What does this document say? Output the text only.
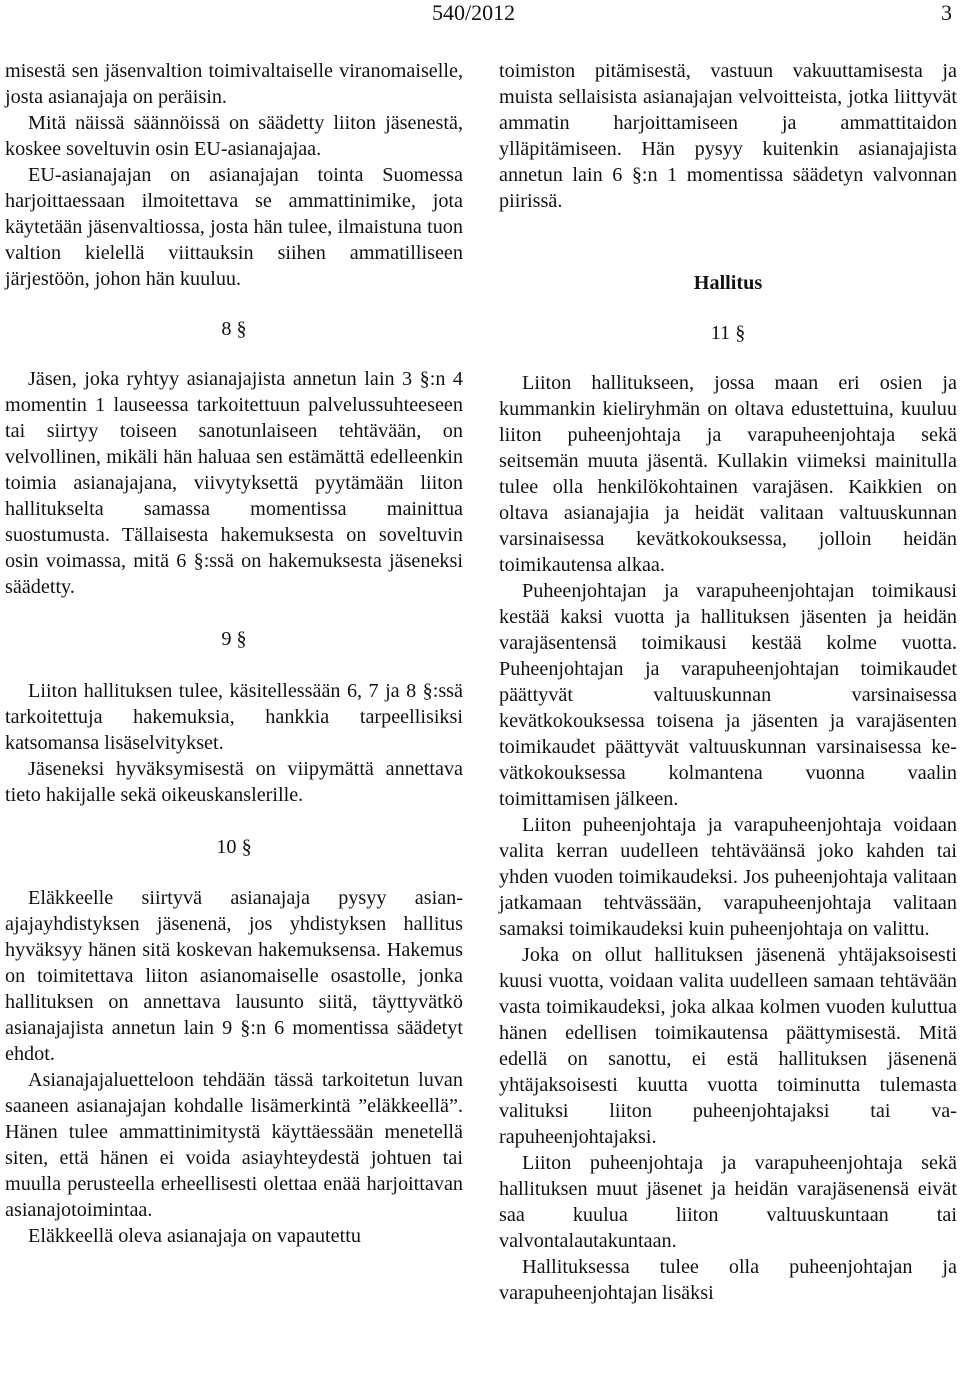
540/2012	3

misestä sen jäsenvaltion toimivaltaiselle viranomaiselle, josta asianajaja on peräisin.

Mitä näissä säännöissä on säädetty liiton jäsenestä, koskee soveltuvin osin EU-asianajajaa.

EU-asianajajan on asianajajan tointa Suomessa harjoittaessaan ilmoitettava se ammattinimike, jota käytetään jäsenvaltiossa, josta hän tulee, ilmaistuna tuon valtion kielellä viittauksin siihen ammatilliseen järjestöön, johon hän kuuluu.

8 §

Jäsen, joka ryhtyy asianajajista annetun lain 3 §:n 4 momentin 1 lauseessa tarkoitettuun palvelussuhteeseen tai siirtyy toiseen sanotunlaiseen tehtävään, on velvollinen, mikäli hän haluaa sen estämättä edelleenkin toimia asianajajana, viivytyksettä pyytämään liiton hallitukselta samassa momentissa mainittua suostumusta. Tällaisesta hakemuksesta on soveltuvin osin voimassa, mitä 6 §:ssä on hakemuksesta jäseneksi säädetty.

9 §

Liiton hallituksen tulee, käsitellessään 6, 7 ja 8 §:ssä tarkoitettuja hakemuksia, hankkia tarpeellisiksi katsomansa lisäselvitykset.

Jäseneksi hyväksymisestä on viipymättä annettava tieto hakijalle sekä oikeuskanslerille.

10 §

Eläkkeelle siirtyvä asianajaja pysyy asianajajayhdistyksen jäsenenä, jos yhdistyksen hallitus hyväksyy hänen sitä koskevan hakemuksensa. Hakemus on toimitettava liiton asianomaiselle osastolle, jonka hallituksen on annettava lausunto siitä, täyttyvätkö asianajajista annetun lain 9 §:n 6 momentissa säädetyt ehdot.

Asianajajaluetteloon tehdään tässä tarkoitetun luvan saaneen asianajajan kohdalle lisämerkintä ”eläkkeellä”. Hänen tulee ammattinimitystä käyttäessään menetellä siten, että hänen ei voida asiayhteydestä johtuen tai muulla perusteella erheellisesti olettaa enää harjoittavan asianajotoimintaa.

Eläkkeellä oleva asianajaja on vapautettu

toimiston pitämisestä, vastuun vakuuttamisesta ja muista sellaisista asianajajan velvoitteista, jotka liittyvät ammatin harjoittamiseen ja ammattitaidon ylläpitämiseen. Hän pysyy kuitenkin asianajajista annetun lain 6 §:n 1 momentissa säädetyn valvonnan piirissä.

Hallitus
11 §

Liiton hallitukseen, jossa maan eri osien ja kummankin kieliryhmän on oltava edustettuina, kuuluu liiton puheenjohtaja ja varapuheenjohtaja sekä seitsemän muuta jäsentä. Kullakin viimeksi mainitulla tulee olla henkilökohtainen varajäsen. Kaikkien on oltava asianajajia ja heidät valitaan valtuuskunnan varsinaisessa kevätkokouksessa, jolloin heidän toimikautensa alkaa.

Puheenjohtajan ja varapuheenjohtajan toimikausi kestää kaksi vuotta ja hallituksen jäsenten ja heidän varajäsentensä toimikausi kestää kolme vuotta. Puheenjohtajan ja varapuheenjohtajan toimikaudet päättyvät valtuuskunnan varsinaisessa kevätkokouksessa toisena ja jäsenten ja varajäsenten toimikaudet päättyvät valtuuskunnan varsinaisessa kevätkokouksessa kolmantena vuonna vaalin toimittamisen jälkeen.

Liiton puheenjohtaja ja varapuheenjohtaja voidaan valita kerran uudelleen tehtäväänsä joko kahden tai yhden vuoden toimikaudeksi. Jos puheenjohtaja valitaan jatkamaan tehtvässään, varapuheenjohtaja valitaan samaksi toimikaudeksi kuin puheenjohtaja on valittu.

Joka on ollut hallituksen jäsenenä yhtäjaksoisesti kuusi vuotta, voidaan valita uudelleen samaan tehtävään vasta toimikaudeksi, joka alkaa kolmen vuoden kuluttua hänen edellisen toimikautensa päättymisestä. Mitä edellä on sanottu, ei estä hallituksen jäsenenä yhtäjaksoisesti kuutta vuotta toiminutta tulemasta valituksi liiton puheenjohtajaksi tai varapuheenjohtajaksi.

Liiton puheenjohtaja ja varapuheenjohtaja sekä hallituksen muut jäsenet ja heidän varajäsenensä eivät saa kuulua liiton valtuuskuntaan tai valvontalautakuntaan.

Hallituksessa tulee olla puheenjohtajan ja varapuheenjohtajan lisäksi
